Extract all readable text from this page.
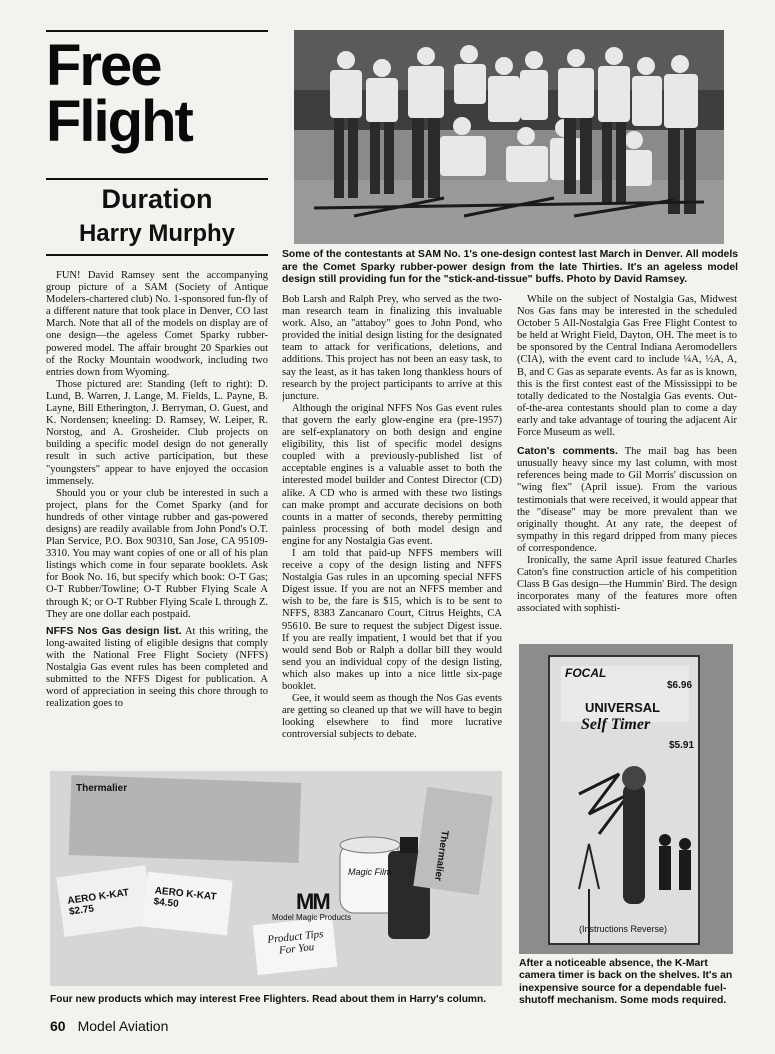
Free
Flight
Duration
Harry Murphy
Some of the contestants at SAM No. 1's one-design contest last March in Denver. All models are the Comet Sparky rubber-power design from the late Thirties. It's an ageless model design still providing fun for the "stick-and-tissue" buffs. Photo by David Ramsey.

FUN! David Ramsey sent the accompanying group picture of a SAM (Society of Antique Modelers-chartered club) No. 1-sponsored fun-fly of a different nature that took place in Denver, CO last March. Note that all of the models on display are of one design—the ageless Comet Sparky rubber-powered model. The affair brought 20 Sparkies out of the Rocky Mountain woodwork, including two entries down from Wyoming.

Those pictured are: Standing (left to right): D. Lund, B. Warren, J. Lange, M. Fields, L. Payne, B. Layne, Bill Etherington, J. Berryman, O. Guest, and K. Nordensen; kneeling: D. Ramsey, W. Leiper, R. Norstog, and A. Grosheider. Club projects on building a specific model design do not generally result in such active participation, but these "youngsters" appear to have enjoyed the occasion immensely.

Should you or your club be interested in such a project, plans for the Comet Sparky (and for hundreds of other vintage rubber and gas-powered designs) are readily available from John Pond's O.T. Plan Service, P.O. Box 90310, San Jose, CA 95109-3310. You may want copies of one or all of his plan listings which come in four separate booklets. Ask for Book No. 16, but specify which book: O-T Gas; O-T Rubber/Towline; O-T Rubber Flying Scale A through K; or O-T Rubber Flying Scale L through Z. They are one dollar each postpaid.

NFFS Nos Gas design list. At this writing, the long-awaited listing of eligible designs that comply with the National Free Flight Society (NFFS) Nostalgia Gas event rules has been completed and submitted to the NFFS Digest for publication. A word of appreciation in seeing this chore through to realization goes to

Bob Larsh and Ralph Prey, who served as the two-man research team in finalizing this invaluable work. Also, an "attaboy" goes to John Pond, who provided the initial design listing for the designated team to attack for verifications, deletions, and additions. This project has not been an easy task, to say the least, as it has taken long thankless hours of research by the project participants to arrive at this juncture.

Although the original NFFS Nos Gas event rules that govern the early glow-engine era (pre-1957) are self-explanatory on both design and engine eligibility, this list of specific model designs coupled with a previously-published list of acceptable engines is a valuable asset to both the interested model builder and Contest Director (CD) alike. A CD who is armed with these two listings can make prompt and accurate decisions on both counts in a matter of seconds, thereby permitting painless processing of both model design and engine for any Nostalgia Gas event.

I am told that paid-up NFFS members will receive a copy of the design listing and NFFS Nostalgia Gas rules in an upcoming special NFFS Digest issue. If you are not an NFFS member and wish to be, the fare is $15, which is to be sent to NFFS, 8383 Zancanaro Court, Citrus Heights, CA 95610. Be sure to request the subject Digest issue. If you are really impatient, I would bet that if you would send Bob or Ralph a dollar bill they would send you an individual copy of the design listing, which also makes up into a nice little six-page booklet.

Gee, it would seem as though the Nos Gas events are getting so cleaned up that we will have to begin looking elsewhere to find more lucrative controversial subjects to debate.

While on the subject of Nostalgia Gas, Midwest Nos Gas fans may be interested in the scheduled October 5 All-Nostalgia Gas Free Flight Contest to be held at Wright Field, Dayton, OH. The meet is to be sponsored by the Central Indiana Aeromodellers (CIA), with the event card to include ¼A, ½A, A, B, and C Gas as separate events. As far as is known, this is the first contest east of the Mississippi to be totally dedicated to the Nostalgia Gas events. Out-of-the-area contestants should plan to come a day early and take advantage of touring the adjacent Air Force Museum as well.

Caton's comments. The mail bag has been unusually heavy since my last column, with most references being made to Gil Morris' discussion on "wing flex" (April issue). From the various testimonials that were received, it would appear that the "disease" may be more prevalent than we originally thought. At any rate, the deepest of sympathy in this regard dripped from many pieces of correspondence.

Ironically, the same April issue featured Charles Caton's fine construction article of his competition Class B Gas design—the Hummin' Bird. The design incorporates many of the features more often associated with sophisti-

Thermalier
AERO K-KAT $2.75
AERO K-KAT $4.50
Magic Film
MM
Model Magic Products
Product Tips For You
Thermalier
Four new products which may interest Free Flighters. Read about them in Harry's column.
FOCAL
$6.96
UNIVERSAL
Self Timer
$5.91
(Instructions Reverse)
After a noticeable absence, the K-Mart camera timer is back on the shelves. It's an inexpensive source for a dependable fuel-shutoff mechanism. Some mods required.
60 Model Aviation
